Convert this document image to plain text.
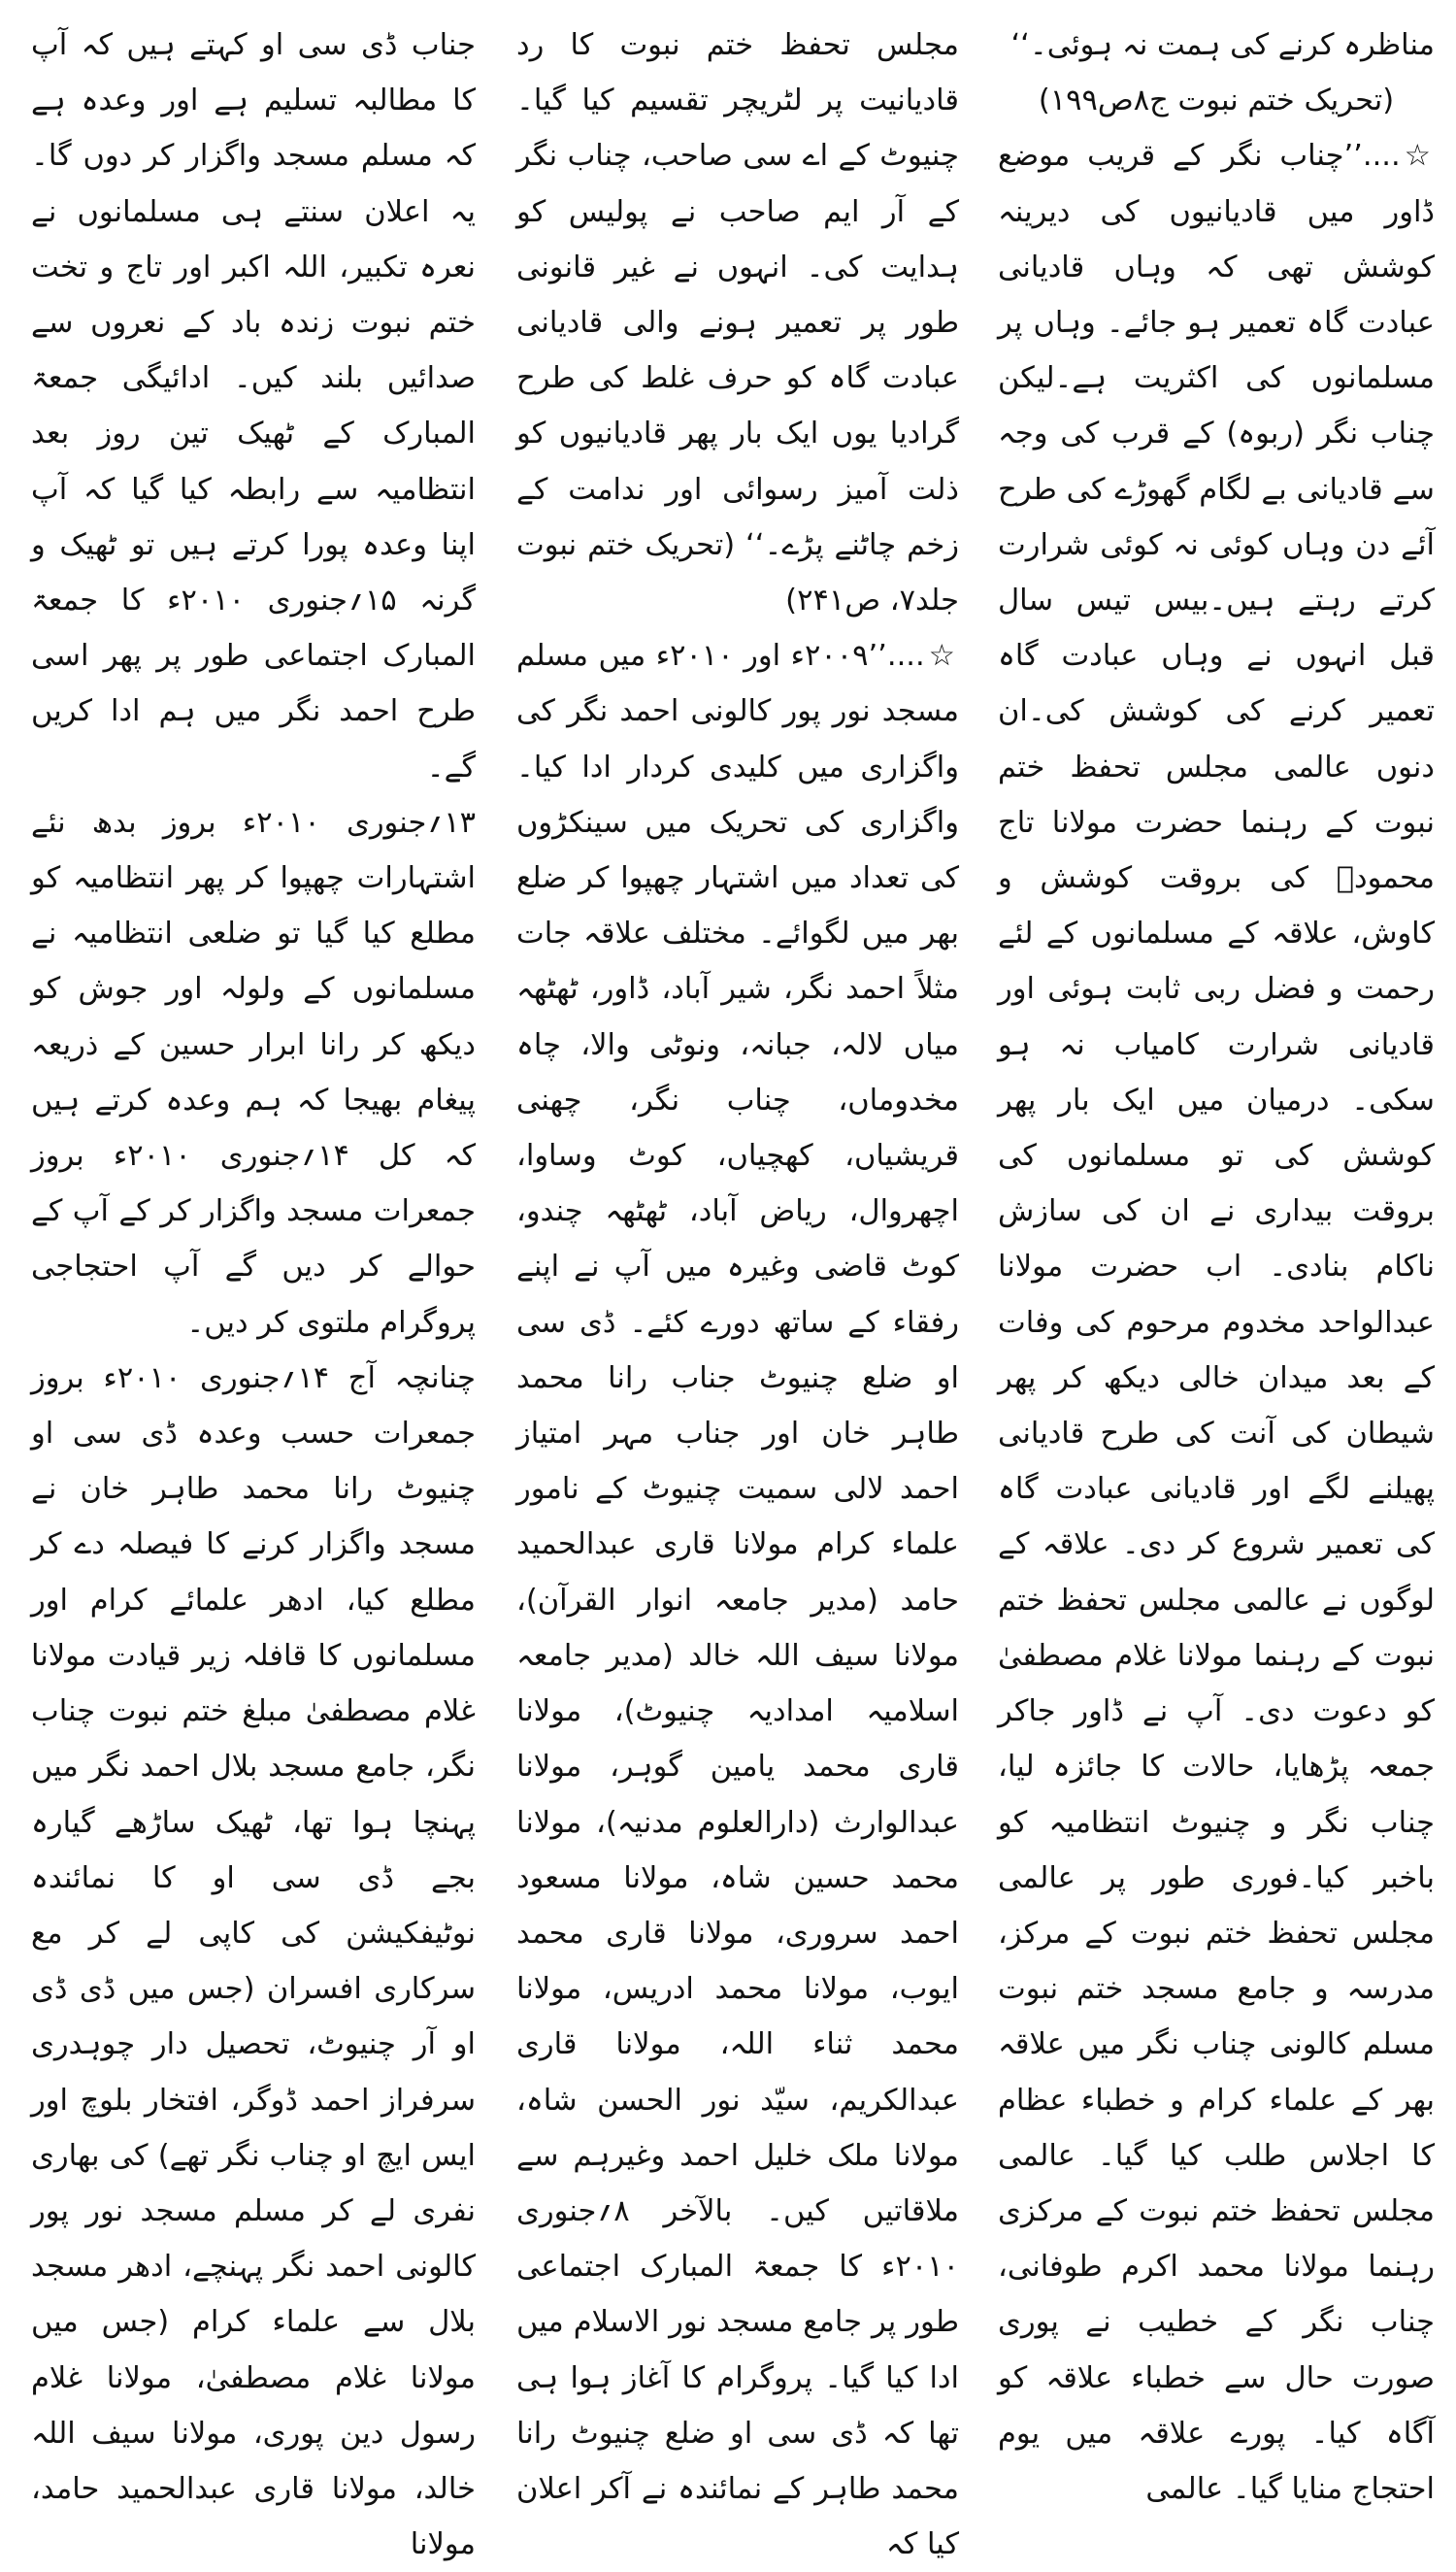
مناظرہ کرنے کی ہمت نہ ہوئی۔‘‘

(تحریک ختم نبوت ج۸ص۱۹۹)

☆....’’چناب نگر کے قریب موضع ڈاور میں قادیانیوں کی دیرینہ کوشش تھی کہ وہاں قادیانی عبادت گاہ تعمیر ہو جائے۔ وہاں پر مسلمانوں کی اکثریت ہے۔لیکن چناب نگر (ربوہ) کے قرب کی وجہ سے قادیانی بے لگام گھوڑے کی طرح آئے دن وہاں کوئی نہ کوئی شرارت کرتے رہتے ہیں۔بیس تیس سال قبل انہوں نے وہاں عبادت گاہ تعمیر کرنے کی کوشش کی۔ان دنوں عالمی مجلس تحفظ ختم نبوت کے رہنما حضرت مولانا تاج محمودؒ کی بروقت کوشش و کاوش، علاقہ کے مسلمانوں کے لئے رحمت و فضل ربی ثابت ہوئی اور قادیانی شرارت کامیاب نہ ہو سکی۔ درمیان میں ایک بار پھر کوشش کی تو مسلمانوں کی بروقت بیداری نے ان کی سازش ناکام بنادی۔ اب حضرت مولانا عبدالواحد مخدوم مرحوم کی وفات کے بعد میدان خالی دیکھ کر پھر شیطان کی آنت کی طرح قادیانی پھیلنے لگے اور قادیانی عبادت گاہ کی تعمیر شروع کر دی۔ علاقہ کے لوگوں نے عالمی مجلس تحفظ ختم نبوت کے رہنما مولانا غلام مصطفیٰ کو دعوت دی۔ آپ نے ڈاور جاکر جمعہ پڑھایا، حالات کا جائزہ لیا، چناب نگر و چنیوٹ انتظامیہ کو باخبر کیا۔فوری طور پر عالمی مجلس تحفظ ختم نبوت کے مرکز، مدرسہ و جامع مسجد ختم نبوت مسلم کالونی چناب نگر میں علاقہ بھر کے علماء کرام و خطباء عظام کا اجلاس طلب کیا گیا۔ عالمی مجلس تحفظ ختم نبوت کے مرکزی رہنما مولانا محمد اکرم طوفانی، چناب نگر کے خطیب نے پوری صورت حال سے خطباء علاقہ کو آگاہ کیا۔ پورے علاقہ میں یوم احتجاج منایا گیا۔ عالمی

مجلس تحفظ ختم نبوت کا رد قادیانیت پر لٹریچر تقسیم کیا گیا۔ چنیوٹ کے اے سی صاحب، چناب نگر کے آر ایم صاحب نے پولیس کو ہدایت کی۔ انہوں نے غیر قانونی طور پر تعمیر ہونے والی قادیانی عبادت گاہ کو حرف غلط کی طرح گرادیا یوں ایک بار پھر قادیانیوں کو ذلت آمیز رسوائی اور ندامت کے زخم چاٹنے پڑے۔‘‘ (تحریک ختم نبوت جلد۷، ص۲۴۱)

☆....’’۲۰۰۹ء اور ۲۰۱۰ء میں مسلم مسجد نور پور کالونی احمد نگر کی واگزاری میں کلیدی کردار ادا کیا۔ واگزاری کی تحریک میں سینکڑوں کی تعداد میں اشتہار چھپوا کر ضلع بھر میں لگوائے۔ مختلف علاقہ جات مثلاً احمد نگر، شیر آباد، ڈاور، ٹھٹھہ میاں لالہ، جبانہ، ونوٹی والا، چاہ مخدوماں، چناب نگر، چھنی قریشیاں، کھچیاں، کوٹ وساوا، اچھروال، ریاض آباد، ٹھٹھہ چندو، کوٹ قاضی وغیرہ میں آپ نے اپنے رفقاء کے ساتھ دورے کئے۔ ڈی سی او ضلع چنیوٹ جناب رانا محمد طاہر خان اور جناب مہر امتیاز احمد لالی سمیت چنیوٹ کے نامور علماء کرام مولانا قاری عبدالحمید حامد (مدیر جامعہ انوار القرآن)، مولانا سیف اللہ خالد (مدیر جامعہ اسلامیہ امدادیہ چنیوٹ)، مولانا قاری محمد یامین گوہر، مولانا عبدالوارث (دارالعلوم مدنیہ)، مولانا محمد حسین شاہ، مولانا مسعود احمد سروری، مولانا قاری محمد ایوب، مولانا محمد ادریس، مولانا محمد ثناء اللہ، مولانا قاری عبدالکریم، سیّد نور الحسن شاہ، مولانا ملک خلیل احمد وغیرہم سے ملاقاتیں کیں۔ بالآخر ۸؍جنوری ۲۰۱۰ء کا جمعۃ المبارک اجتماعی طور پر جامع مسجد نور الاسلام میں ادا کیا گیا۔ پروگرام کا آغاز ہوا ہی تھا کہ ڈی سی او ضلع چنیوٹ رانا محمد طاہر کے نمائندہ نے آکر اعلان کیا کہ

جناب ڈی سی او کہتے ہیں کہ آپ کا مطالبہ تسلیم ہے اور وعدہ ہے کہ مسلم مسجد واگزار کر دوں گا۔ یہ اعلان سنتے ہی مسلمانوں نے نعرہ تکبیر، اللہ اکبر اور تاج و تخت ختم نبوت زندہ باد کے نعروں سے صدائیں بلند کیں۔ ادائیگی جمعۃ المبارک کے ٹھیک تین روز بعد انتظامیہ سے رابطہ کیا گیا کہ آپ اپنا وعدہ پورا کرتے ہیں تو ٹھیک و گرنہ ۱۵؍جنوری ۲۰۱۰ء کا جمعۃ المبارک اجتماعی طور پر پھر اسی طرح احمد نگر میں ہم ادا کریں گے۔

۱۳؍جنوری ۲۰۱۰ء بروز بدھ نئے اشتہارات چھپوا کر پھر انتظامیہ کو مطلع کیا گیا تو ضلعی انتظامیہ نے مسلمانوں کے ولولہ اور جوش کو دیکھ کر رانا ابرار حسین کے ذریعہ پیغام بھیجا کہ ہم وعدہ کرتے ہیں کہ کل ۱۴؍جنوری ۲۰۱۰ء بروز جمعرات مسجد واگزار کر کے آپ کے حوالے کر دیں گے آپ احتجاجی پروگرام ملتوی کر دیں۔

چنانچہ آج ۱۴؍جنوری ۲۰۱۰ء بروز جمعرات حسب وعدہ ڈی سی او چنیوٹ رانا محمد طاہر خان نے مسجد واگزار کرنے کا فیصلہ دے کر مطلع کیا، ادھر علمائے کرام اور مسلمانوں کا قافلہ زیر قیادت مولانا غلام مصطفیٰ مبلغ ختم نبوت چناب نگر، جامع مسجد بلال احمد نگر میں پہنچا ہوا تھا، ٹھیک ساڑھے گیارہ بجے ڈی سی او کا نمائندہ نوٹیفکیشن کی کاپی لے کر مع سرکاری افسران (جس میں ڈی ڈی او آر چنیوٹ، تحصیل دار چوہدری سرفراز احمد ڈوگر، افتخار بلوچ اور ایس ایچ او چناب نگر تھے) کی بھاری نفری لے کر مسلم مسجد نور پور کالونی احمد نگر پہنچے، ادھر مسجد بلال سے علماء کرام (جس میں مولانا غلام مصطفیٰ، مولانا غلام رسول دین پوری، مولانا سیف اللہ خالد، مولانا قاری عبدالحمید حامد، مولانا
